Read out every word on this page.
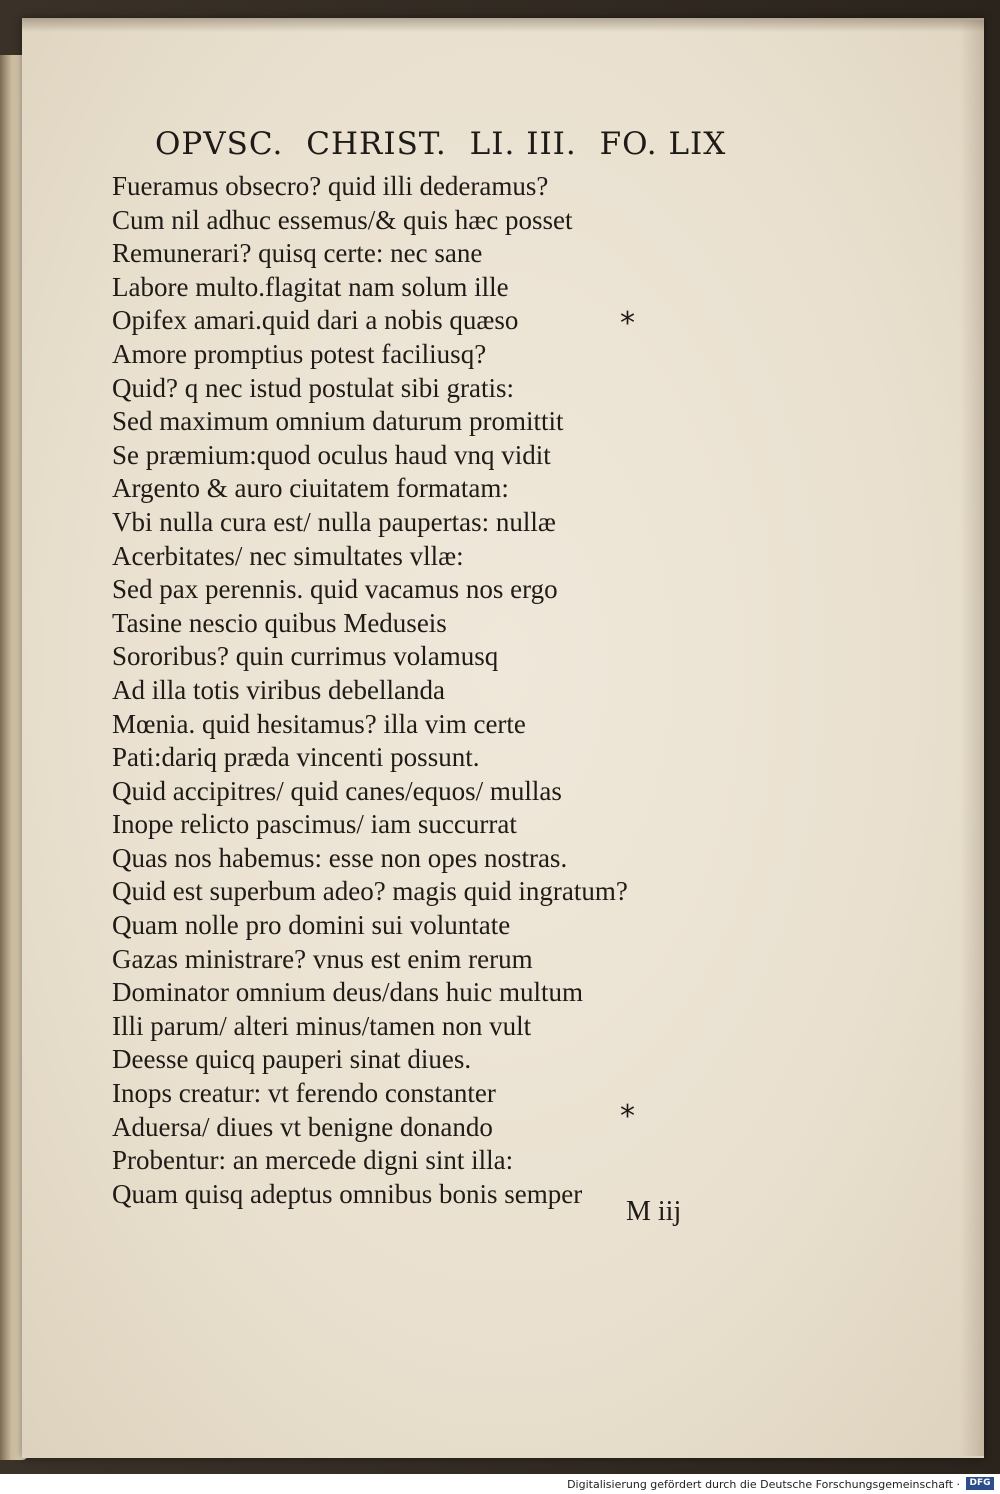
OPVSC. CHRIST. LI. III. FO. LIX
Fueramus obsecro? quid illi dederamus?
Cum nil adhuc essemus/& quis hæc posset
Remunerari? quisq certe: nec sane
Labore multo.flagitat nam solum ille
Opifex amari.quid dari a nobis quæso
Amore promptius potest faciliusq?
Quid? q nec istud postulat sibi gratis:
Sed maximum omnium daturum promittit
Se præmium:quod oculus haud vnq vidit
Argento & auro ciuitatem formatam:
Vbi nulla cura est/ nulla paupertas: nullæ
Acerbitates/ nec simultates vllæ:
Sed pax perennis. quid vacamus nos ergo
Tasine nescio quibus Meduseis
Sororibus? quin currimus volamusq
Ad illa totis viribus debellanda
Mœnia. quid hesitamus? illa vim certe
Pati:dariq præda vincenti possunt.
Quid accipitres/ quid canes/equos/ mullas
Inope relicto pascimus/ iam succurrat
Quas nos habemus: esse non opes nostras.
Quid est superbum adeo? magis quid ingratum?
Quam nolle pro domini sui voluntate
Gazas ministrare? vnus est enim rerum
Dominator omnium deus/dans huic multum
Illi parum/ alteri minus/tamen non vult
Deesse quicq pauperi sinat diues.
Inops creatur: vt ferendo constanter
Aduersa/ diues vt benigne donando
Probentur: an mercede digni sint illa:
Quam quisq adeptus omnibus bonis semper
*
*
M iij
Digitalisierung gefördert durch die Deutsche Forschungsgemeinschaft ·	DFG
